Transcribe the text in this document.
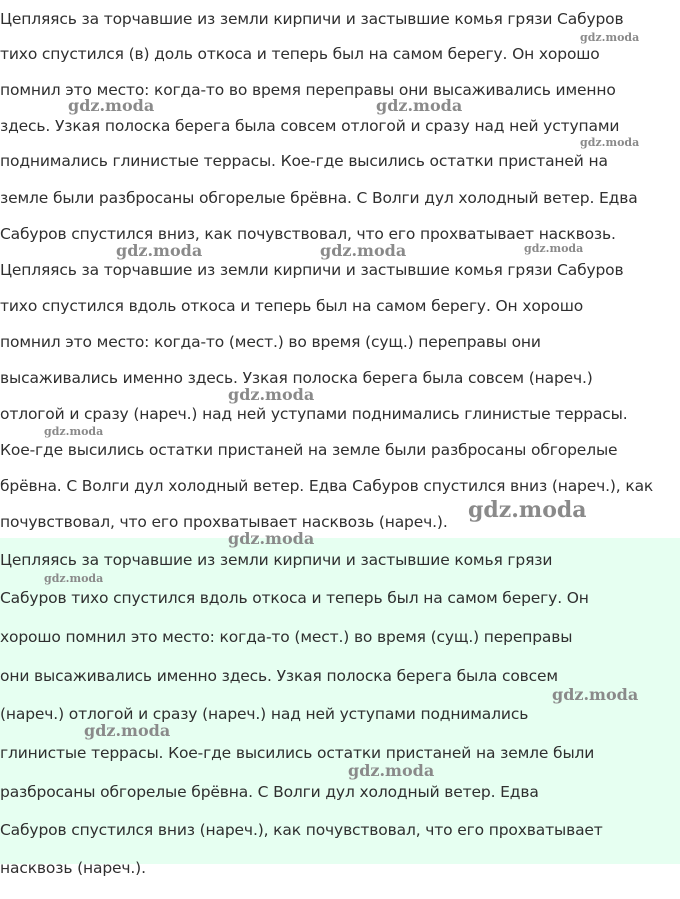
Цепляясь за торчавшие из земли кирпичи и застывшие комья грязи Сабуров
тихо спустился (в) доль откоса и теперь был на самом берегу. Он хорошо
помнил это место: когда-то во время переправы они высаживались именно
здесь. Узкая полоска берега была совсем отлогой и сразу над ней уступами
поднимались глинистые террасы. Кое-где высились остатки пристаней на
земле были разбросаны обгорелые брёвна. С Волги дул холодный ветер. Едва
Сабуров спустился вниз, как почувствовал, что его прохватывает насквозь.
Цепляясь за торчавшие из земли кирпичи и застывшие комья грязи Сабуров
тихо спустился вдоль откоса и теперь был на самом берегу. Он хорошо
помнил это место: когда-то (мест.) во время (сущ.) переправы они
высаживались именно здесь. Узкая полоска берега была совсем (нареч.)
отлогой и сразу (нареч.) над ней уступами поднимались глинистые террасы.
Кое-где высились остатки пристаней на земле были разбросаны обгорелые
брёвна. С Волги дул холодный ветер. Едва Сабуров спустился вниз (нареч.), как
почувствовал, что его прохватывает насквозь (нареч.).
Цепляясь за торчавшие из земли кирпичи и застывшие комья грязи
Сабуров тихо спустился вдоль откоса и теперь был на самом берегу. Он
хорошо помнил это место: когда-то (мест.) во время (сущ.) переправы
они высаживались именно здесь. Узкая полоска берега была совсем
(нареч.) отлогой и сразу (нареч.) над ней уступами поднимались
глинистые террасы. Кое-где высились остатки пристаней на земле были
разбросаны обгорелые брёвна. С Волги дул холодный ветер. Едва
Сабуров спустился вниз (нареч.), как почувствовал, что его прохватывает
насквозь (нареч.).
gdz.moda
gdz.moda	gdz.moda
gdz.moda
gdz.moda	gdz.moda	gdz.moda
gdz.moda
gdz.moda
gdz.moda
gdz.moda
gdz.moda
gdz.moda
gdz.moda
gdz.moda
